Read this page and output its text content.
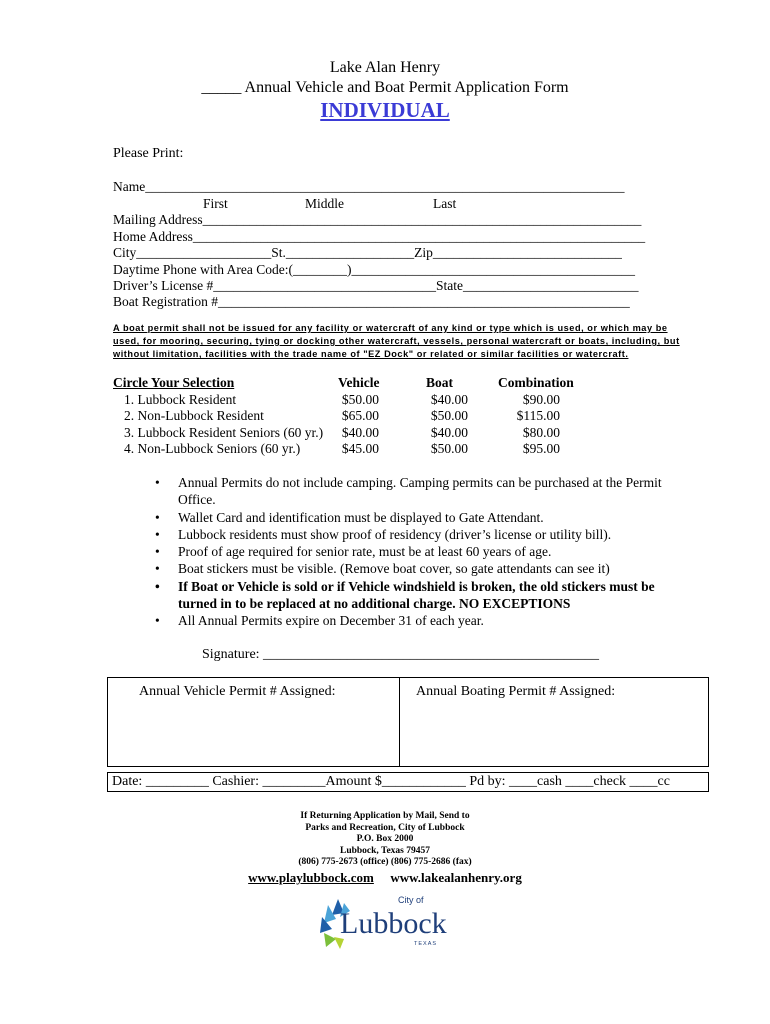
Lake Alan Henry
_____ Annual Vehicle and Boat Permit Application Form
INDIVIDUAL
Please Print:
Name_______________________________________________________________________
First	Middle	Last
Mailing Address_________________________________________________________________
Home Address___________________________________________________________________
City____________________St.___________________Zip____________________________
Daytime Phone with Area Code:(________)__________________________________________
Driver’s License #_________________________________State__________________________
Boat Registration #_____________________________________________________________
A boat permit shall not be issued for any facility or watercraft of any kind or type which is used, or which may be
used, for mooring, securing, tying or docking other watercraft, vessels, personal watercraft or boats, including, but
without limitation, facilities with the trade name of "EZ Dock" or related or similar facilities or watercraft.
Circle Your Selection	Vehicle	Boat	Combination
1. Lubbock Resident	$50.00	$40.00	$90.00
2. Non-Lubbock Resident	$65.00	$50.00	$115.00
3. Lubbock Resident Seniors (60 yr.)	$40.00	$40.00	$80.00
4. Non-Lubbock Seniors (60 yr.)	$45.00	$50.00	$95.00
• Annual Permits do not include camping. Camping permits can be purchased at the Permit
Office.
• Wallet Card and identification must be displayed to Gate Attendant.
• Lubbock residents must show proof of residency (driver’s license or utility bill).
• Proof of age required for senior rate, must be at least 60 years of age.
• Boat stickers must be visible. (Remove boat cover, so gate attendants can see it)
• If Boat or Vehicle is sold or if Vehicle windshield is broken, the old stickers must be
turned in to be replaced at no additional charge. NO EXCEPTIONS
• All Annual Permits expire on December 31 of each year.
Signature: ________________________________________________
Annual Vehicle Permit # Assigned:	Annual Boating Permit # Assigned:
Date: _________ Cashier: _________Amount $____________ Pd by: ____cash ____check ____cc
If Returning Application by Mail, Send to
Parks and Recreation, City of Lubbock
P.O. Box 2000
Lubbock, Texas 79457
(806) 775-2673 (office) (806) 775-2686 (fax)
www.playlubbock.com www.lakealanhenry.org
City of
Lubbock
TEXAS
